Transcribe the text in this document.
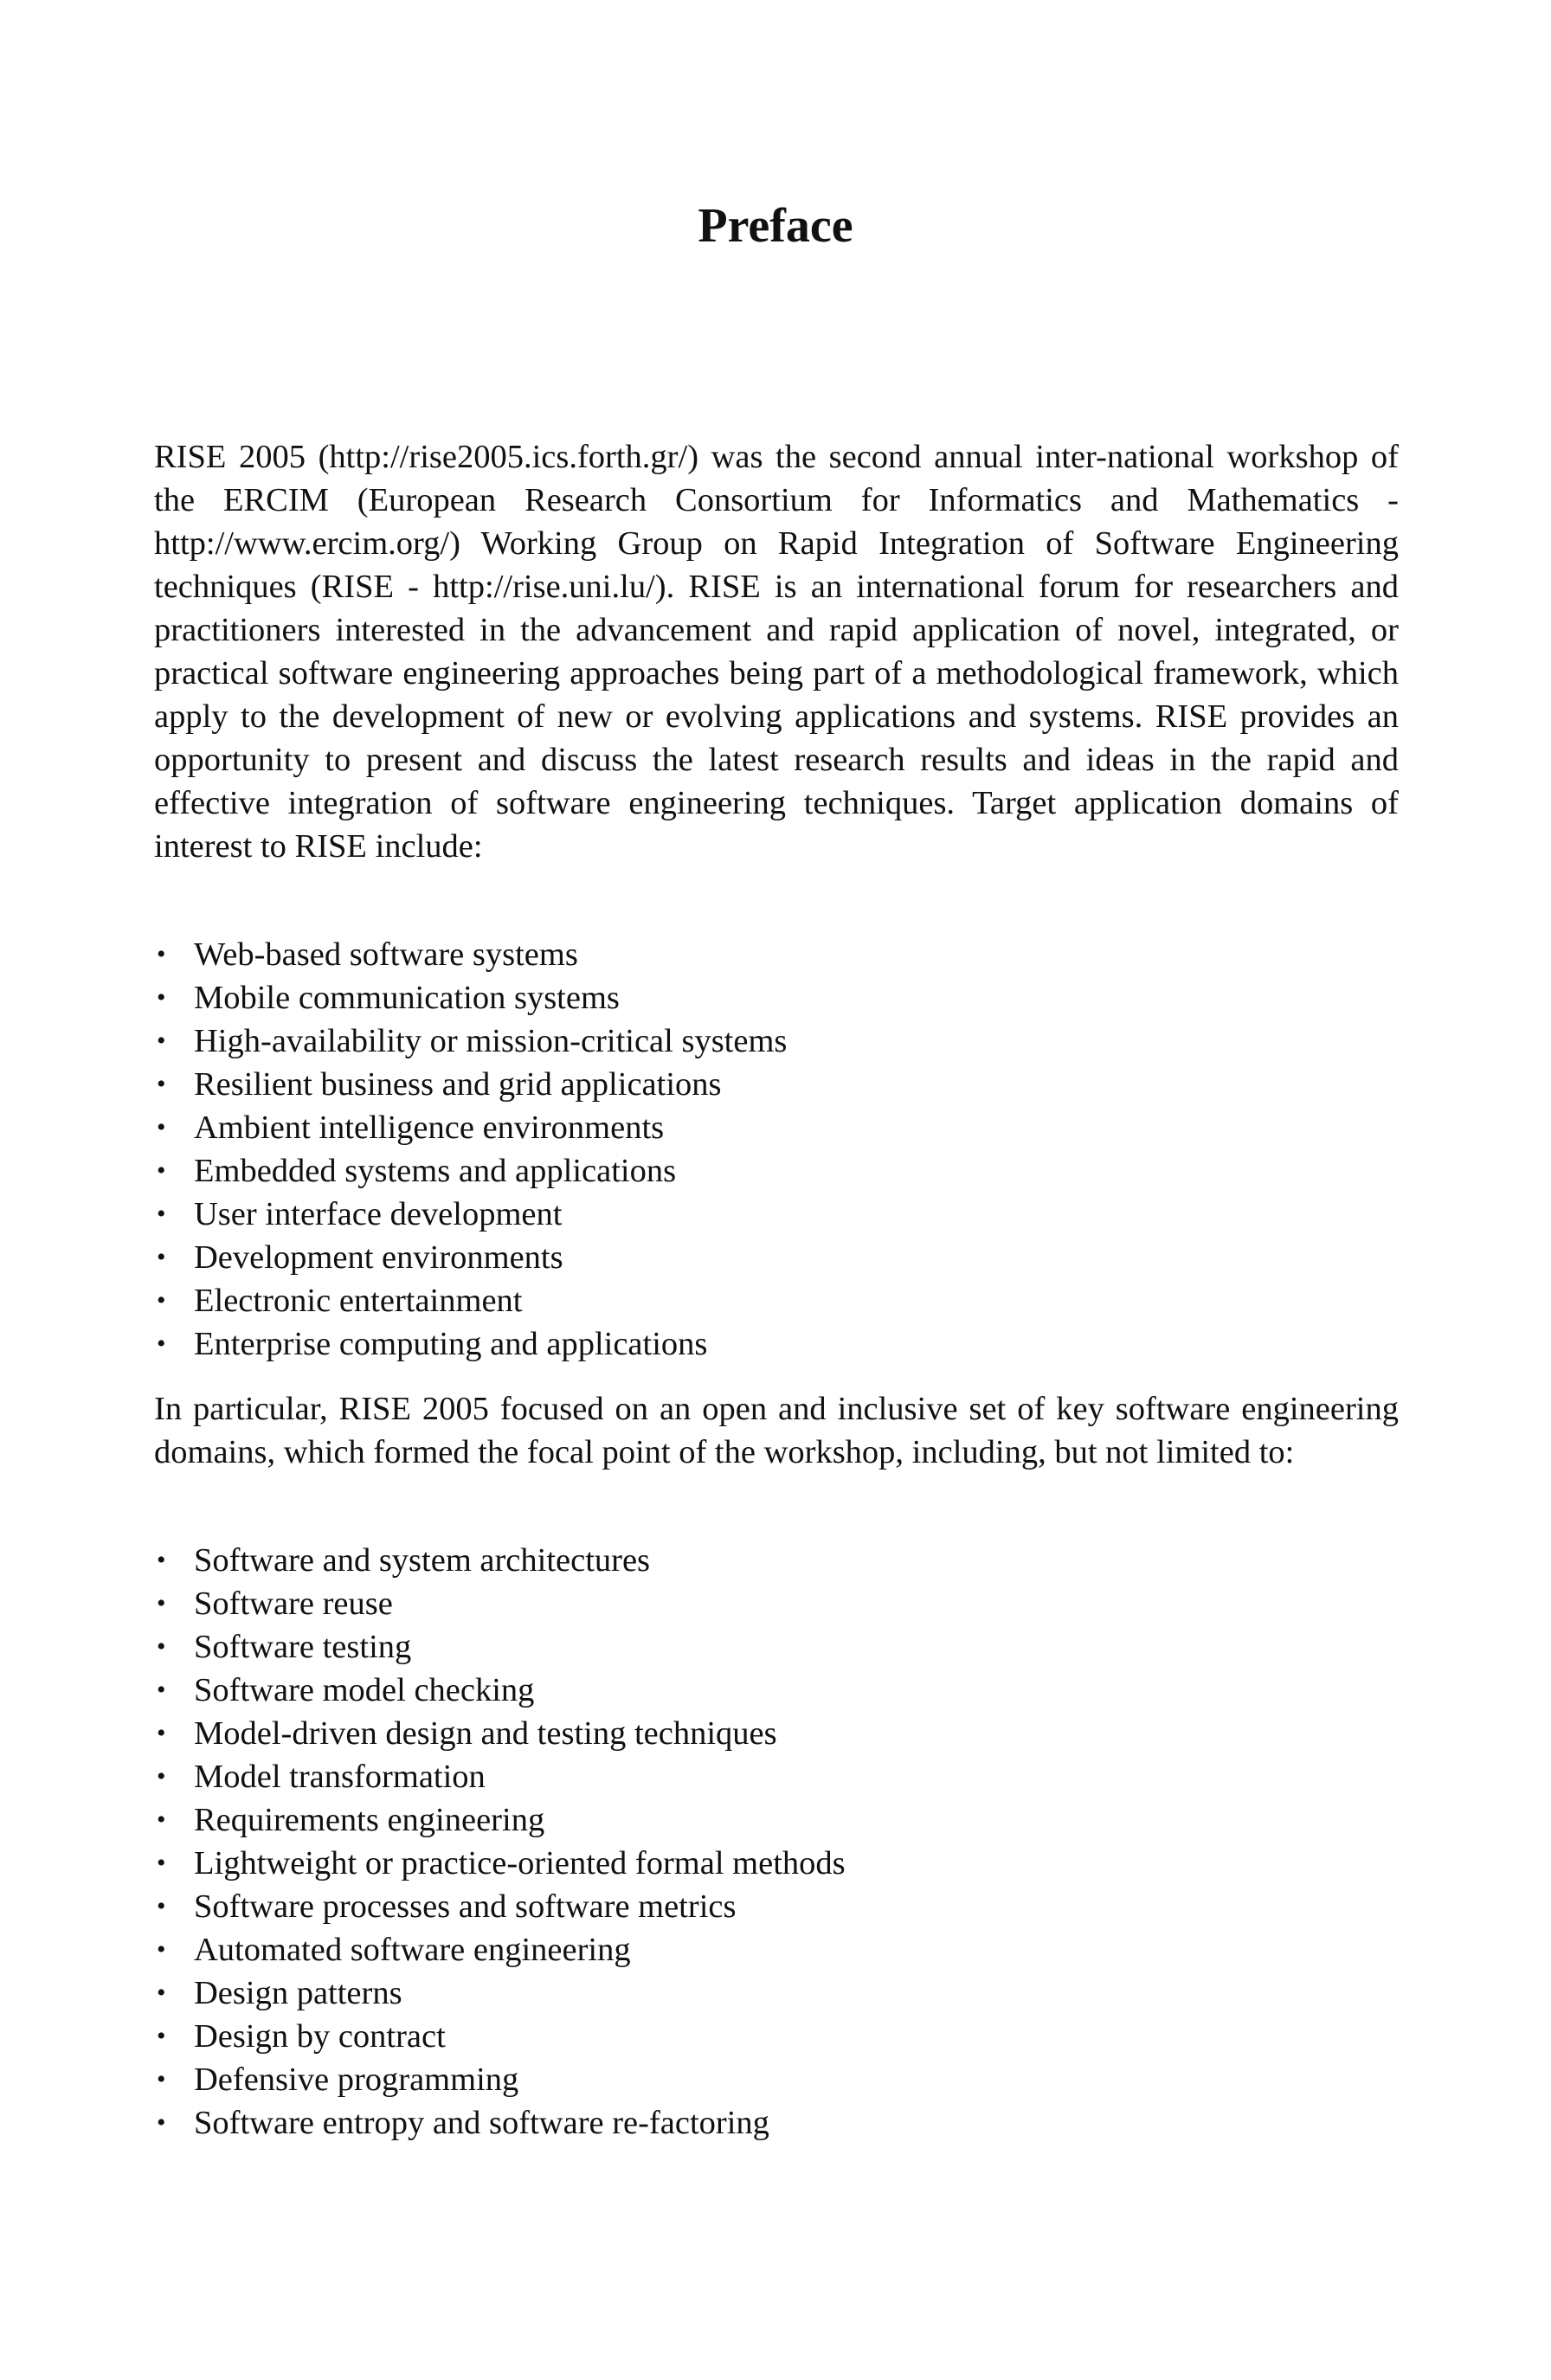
Preface

RISE 2005 (http://rise2005.ics.forth.gr/) was the second annual inter-national workshop of the ERCIM (European Research Consortium for Informatics and Mathematics - http://www.ercim.org/) Working Group on Rapid Integration of Software Engineering techniques (RISE - http://rise.uni.lu/). RISE is an international forum for researchers and practitioners interested in the advancement and rapid application of novel, integrated, or practical software engineering approaches being part of a methodological framework, which apply to the development of new or evolving applications and systems. RISE provides an opportunity to present and discuss the latest research results and ideas in the rapid and effective integration of software engineering techniques. Target application domains of interest to RISE include:

• Web-based software systems
• Mobile communication systems
• High-availability or mission-critical systems
• Resilient business and grid applications
• Ambient intelligence environments
• Embedded systems and applications
• User interface development
• Development environments
• Electronic entertainment
• Enterprise computing and applications

In particular, RISE 2005 focused on an open and inclusive set of key software engineering domains, which formed the focal point of the workshop, including, but not limited to:

• Software and system architectures
• Software reuse
• Software testing
• Software model checking
• Model-driven design and testing techniques
• Model transformation
• Requirements engineering
• Lightweight or practice-oriented formal methods
• Software processes and software metrics
• Automated software engineering
• Design patterns
• Design by contract
• Defensive programming
• Software entropy and software re-factoring
